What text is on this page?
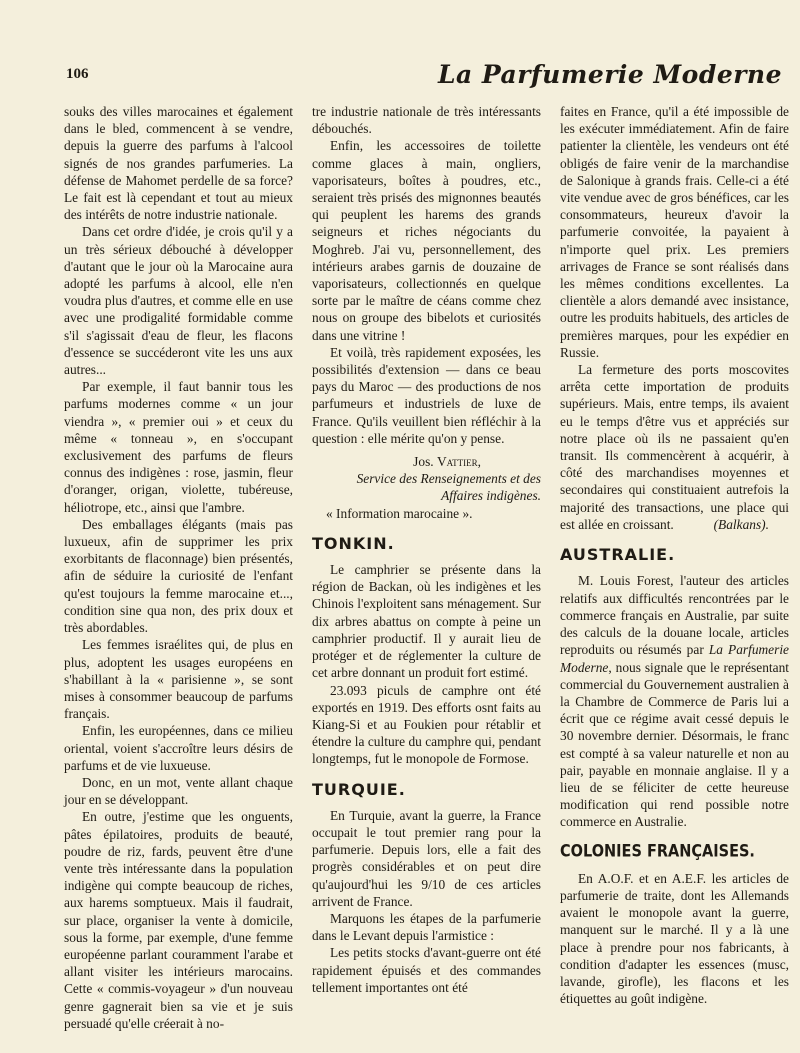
106	La Parfumerie Moderne

souks des villes marocaines et également dans le bled, commencent à se vendre, depuis la guerre des parfums à l'alcool signés de nos grandes parfumeries. La défense de Mahomet perdelle de sa force? Le fait est là cependant et tout au mieux des intérêts de notre industrie nationale.

Dans cet ordre d'idée, je crois qu'il y a un très sérieux débouché à développer d'autant que le jour où la Marocaine aura adopté les parfums à alcool, elle n'en voudra plus d'autres, et comme elle en use avec une prodigalité formidable comme s'il s'agissait d'eau de fleur, les flacons d'essence se succéderont vite les uns aux autres...

Par exemple, il faut bannir tous les parfums modernes comme « un jour viendra », « premier oui » et ceux du même « tonneau », en s'occupant exclusivement des parfums de fleurs connus des indigènes : rose, jasmin, fleur d'oranger, origan, violette, tubéreuse, héliotrope, etc., ainsi que l'ambre.

Des emballages élégants (mais pas luxueux, afin de supprimer les prix exorbitants de flaconnage) bien présentés, afin de séduire la curiosité de l'enfant qu'est toujours la femme marocaine et..., condition sine qua non, des prix doux et très abordables.

Les femmes israélites qui, de plus en plus, adoptent les usages européens en s'habillant à la « parisienne », se sont mises à consommer beaucoup de parfums français.

Enfin, les européennes, dans ce milieu oriental, voient s'accroître leurs désirs de parfums et de vie luxueuse.

Donc, en un mot, vente allant chaque jour en se développant.

En outre, j'estime que les onguents, pâtes épilatoires, produits de beauté, poudre de riz, fards, peuvent être d'une vente très intéressante dans la population indigène qui compte beaucoup de riches, aux harems somptueux. Mais il faudrait, sur place, organiser la vente à domicile, sous la forme, par exemple, d'une femme européenne parlant couramment l'arabe et allant visiter les intérieurs marocains. Cette « commis-voyageur » d'un nouveau genre gagnerait bien sa vie et je suis persuadé qu'elle créerait à no-

tre industrie nationale de très intéressants débouchés.

Enfin, les accessoires de toilette comme glaces à main, ongliers, vaporisateurs, boîtes à poudres, etc., seraient très prisés des mignonnes beautés qui peuplent les harems des grands seigneurs et riches négociants du Moghreb. J'ai vu, personnellement, des intérieurs arabes garnis de douzaine de vaporisateurs, collectionnés en quelque sorte par le maître de céans comme chez nous on groupe des bibelots et curiosités dans une vitrine !

Et voilà, très rapidement exposées, les possibilités d'extension — dans ce beau pays du Maroc — des productions de nos parfumeurs et industriels de luxe de France. Qu'ils veuillent bien réfléchir à la question : elle mérite qu'on y pense.

Jos. Vattier,

Service des Renseignements et des

Affaires indigènes.

« Information marocaine ».

TONKIN.

Le camphrier se présente dans la région de Backan, où les indigènes et les Chinois l'exploitent sans ménagement. Sur dix arbres abattus on compte à peine un camphrier productif. Il y aurait lieu de protéger et de réglementer la culture de cet arbre donnant un produit fort estimé.

23.093 piculs de camphre ont été exportés en 1919. Des efforts osnt faits au Kiang-Si et au Foukien pour rétablir et étendre la culture du camphre qui, pendant longtemps, fut le monopole de Formose.

TURQUIE.

En Turquie, avant la guerre, la France occupait le tout premier rang pour la parfumerie. Depuis lors, elle a fait des progrès considérables et on peut dire qu'aujourd'hui les 9/10 de ces articles arrivent de France.

Marquons les étapes de la parfumerie dans le Levant depuis l'armistice :

Les petits stocks d'avant-guerre ont été rapidement épuisés et des commandes tellement importantes ont été

faites en France, qu'il a été impossible de les exécuter immédiatement. Afin de faire patienter la clientèle, les vendeurs ont été obligés de faire venir de la marchandise de Salonique à grands frais. Celle-ci a été vite vendue avec de gros bénéfices, car les consommateurs, heureux d'avoir la parfumerie convoitée, la payaient à n'importe quel prix. Les premiers arrivages de France se sont réalisés dans les mêmes conditions excellentes. La clientèle a alors demandé avec insistance, outre les produits habituels, des articles de premières marques, pour les expédier en Russie.

La fermeture des ports moscovites arrêta cette importation de produits supérieurs. Mais, entre temps, ils avaient eu le temps d'être vus et appréciés sur notre place où ils ne passaient qu'en transit. Ils commencèrent à acquérir, à côté des marchandises moyennes et secondaires qui constituaient autrefois la majorité des transactions, une place qui est allée en croissant.	(Balkans).
AUSTRALIE.

M. Louis Forest, l'auteur des articles relatifs aux difficultés rencontrées par le commerce français en Australie, par suite des calculs de la douane locale, articles reproduits ou résumés par La Parfumerie Moderne, nous signale que le représentant commercial du Gouvernement australien à la Chambre de Commerce de Paris lui a écrit que ce régime avait cessé depuis le 30 novembre dernier. Désormais, le franc est compté à sa valeur naturelle et non au pair, payable en monnaie anglaise. Il y a lieu de se féliciter de cette heureuse modification qui rend possible notre commerce en Australie.

COLONIES FRANÇAISES.

En A.O.F. et en A.E.F. les articles de parfumerie de traite, dont les Allemands avaient le monopole avant la guerre, manquent sur le marché. Il y a là une place à prendre pour nos fabricants, à condition d'adapter les essences (musc, lavande, girofle), les flacons et les étiquettes au goût indigène.
